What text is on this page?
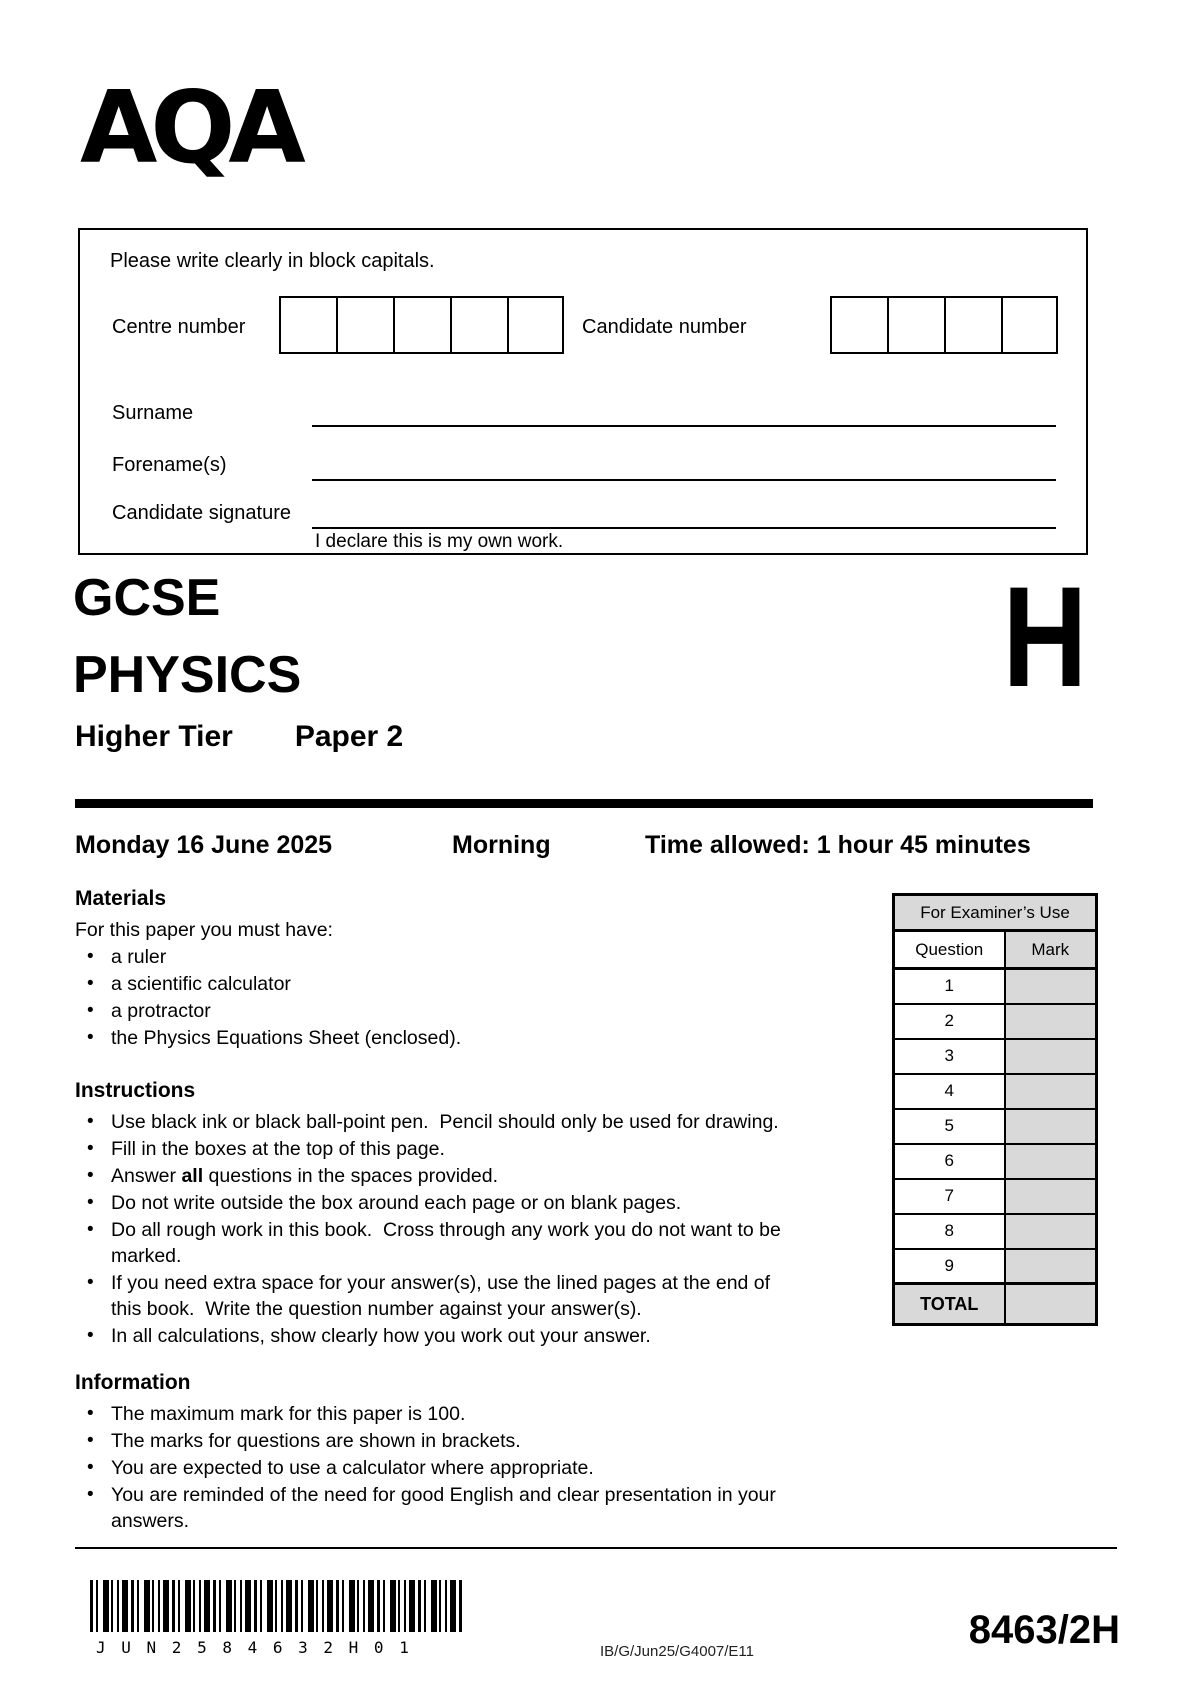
AQA
Please write clearly in block capitals.
Centre number	Candidate number
Surname
Forename(s)
Candidate signature
I declare this is my own work.
GCSE
PHYSICS
Higher Tier Paper 2
H
Monday 16 June 2025	Morning	Time allowed: 1 hour 45 minutes
Materials
For this paper you must have:
• a ruler
• a scientific calculator
• a protractor
• the Physics Equations Sheet (enclosed).
Instructions
• Use black ink or black ball-point pen.  Pencil should only be used for drawing.
• Fill in the boxes at the top of this page.
• Answer all questions in the spaces provided.
• Do not write outside the box around each page or on blank pages.
• Do all rough work in this book.  Cross through any work you do not want to be marked.
• If you need extra space for your answer(s), use the lined pages at the end of this book.  Write the question number against your answer(s).
• In all calculations, show clearly how you work out your answer.
Information
• The maximum mark for this paper is 100.
• The marks for questions are shown in brackets.
• You are expected to use a calculator where appropriate.
• You are reminded of the need for good English and clear presentation in your answers.
For Examiner’s Use	
Question	Mark
1	
2	
3	
4	
5	
6	
7	
8	
9	
TOTAL	
J U N 2 5 8 4 6 3 2 H 0 1	IB/G/Jun25/G4007/E11	8463/2H
